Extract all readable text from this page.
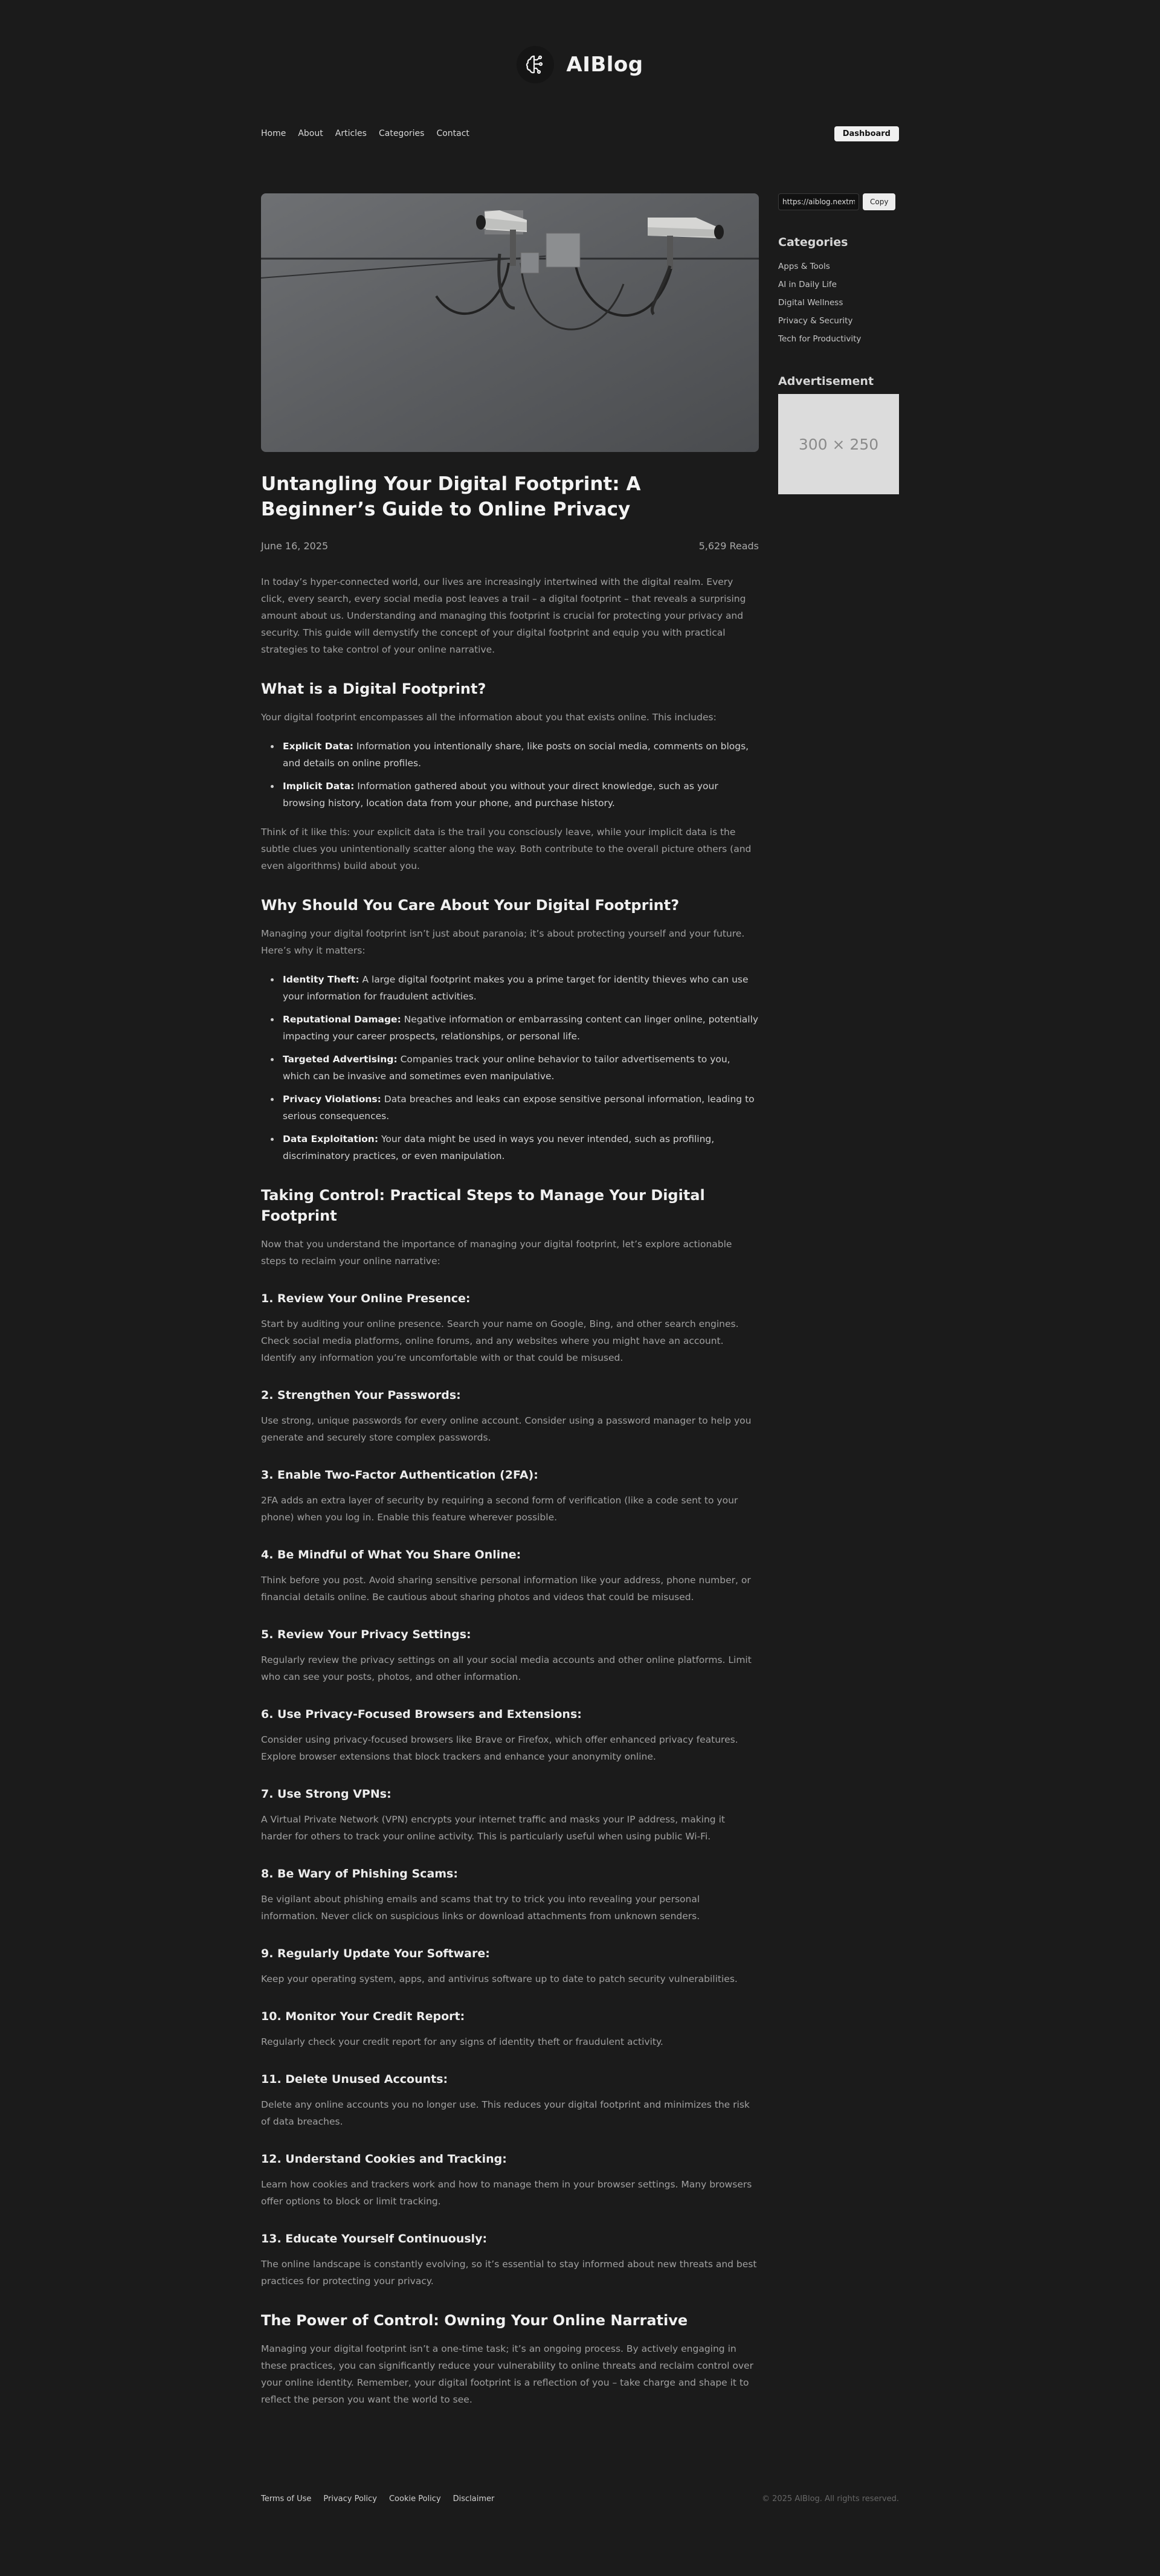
AIBlog
Home About Articles Categories Contact	Dashboard
Untangling Your Digital Footprint: A Beginner’s Guide to Online Privacy
June 16, 2025	5,629 Reads

In today’s hyper-connected world, our lives are increasingly intertwined with the digital realm. Every click, every search, every social media post leaves a trail – a digital footprint – that reveals a surprising amount about us. Understanding and managing this footprint is crucial for protecting your privacy and security. This guide will demystify the concept of your digital footprint and equip you with practical strategies to take control of your online narrative.

What is a Digital Footprint?

Your digital footprint encompasses all the information about you that exists online. This includes:

• Explicit Data: Information you intentionally share, like posts on social media, comments on blogs, and details on online profiles.
• Implicit Data: Information gathered about you without your direct knowledge, such as your browsing history, location data from your phone, and purchase history.

Think of it like this: your explicit data is the trail you consciously leave, while your implicit data is the subtle clues you unintentionally scatter along the way. Both contribute to the overall picture others (and even algorithms) build about you.

Why Should You Care About Your Digital Footprint?

Managing your digital footprint isn’t just about paranoia; it’s about protecting yourself and your future. Here’s why it matters:

• Identity Theft: A large digital footprint makes you a prime target for identity thieves who can use your information for fraudulent activities.
• Reputational Damage: Negative information or embarrassing content can linger online, potentially impacting your career prospects, relationships, or personal life.
• Targeted Advertising: Companies track your online behavior to tailor advertisements to you, which can be invasive and sometimes even manipulative.
• Privacy Violations: Data breaches and leaks can expose sensitive personal information, leading to serious consequences.
• Data Exploitation: Your data might be used in ways you never intended, such as profiling, discriminatory practices, or even manipulation.
Taking Control: Practical Steps to Manage Your Digital Footprint

Now that you understand the importance of managing your digital footprint, let’s explore actionable steps to reclaim your online narrative:

1. Review Your Online Presence:

Start by auditing your online presence. Search your name on Google, Bing, and other search engines. Check social media platforms, online forums, and any websites where you might have an account. Identify any information you’re uncomfortable with or that could be misused.

2. Strengthen Your Passwords:

Use strong, unique passwords for every online account. Consider using a password manager to help you generate and securely store complex passwords.

3. Enable Two-Factor Authentication (2FA):

2FA adds an extra layer of security by requiring a second form of verification (like a code sent to your phone) when you log in. Enable this feature wherever possible.

4. Be Mindful of What You Share Online:

Think before you post. Avoid sharing sensitive personal information like your address, phone number, or financial details online. Be cautious about sharing photos and videos that could be misused.

5. Review Your Privacy Settings:

Regularly review the privacy settings on all your social media accounts and other online platforms. Limit who can see your posts, photos, and other information.

6. Use Privacy-Focused Browsers and Extensions:

Consider using privacy-focused browsers like Brave or Firefox, which offer enhanced privacy features. Explore browser extensions that block trackers and enhance your anonymity online.

7. Use Strong VPNs:

A Virtual Private Network (VPN) encrypts your internet traffic and masks your IP address, making it harder for others to track your online activity. This is particularly useful when using public Wi-Fi.

8. Be Wary of Phishing Scams:

Be vigilant about phishing emails and scams that try to trick you into revealing your personal information. Never click on suspicious links or download attachments from unknown senders.

9. Regularly Update Your Software:

Keep your operating system, apps, and antivirus software up to date to patch security vulnerabilities.

10. Monitor Your Credit Report:

Regularly check your credit report for any signs of identity theft or fraudulent activity.

11. Delete Unused Accounts:

Delete any online accounts you no longer use. This reduces your digital footprint and minimizes the risk of data breaches.

12. Understand Cookies and Tracking:

Learn how cookies and trackers work and how to manage them in your browser settings. Many browsers offer options to block or limit tracking.

13. Educate Yourself Continuously:

The online landscape is constantly evolving, so it’s essential to stay informed about new threats and best practices for protecting your privacy.

The Power of Control: Owning Your Online Narrative

Managing your digital footprint isn’t a one-time task; it’s an ongoing process. By actively engaging in these practices, you can significantly reduce your vulnerability to online threats and reclaim control over your online identity. Remember, your digital footprint is a reflection of you – take charge and shape it to reflect the person you want the world to see.

https://aiblog.nextmi
Copy
Categories
Apps & Tools
AI in Daily Life
Digital Wellness
Privacy & Security
Tech for Productivity
Advertisement
300 × 250
Terms of Use Privacy Policy Cookie Policy Disclaimer	© 2025 AIBlog. All rights reserved.
